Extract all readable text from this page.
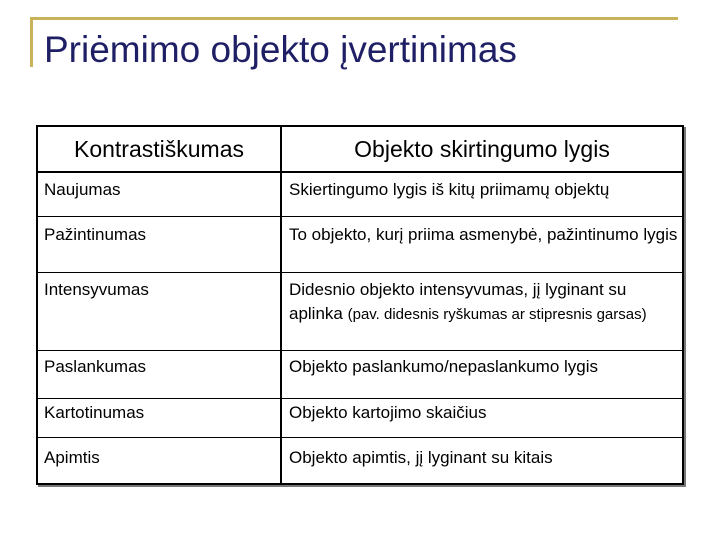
Priėmimo objekto įvertinimas
Kontrastiškumas	Objekto skirtingumo lygis
Naujumas	Skiertingumo lygis iš kitų priimamų objektų
Pažintinumas	To objekto, kurį priima asmenybė, pažintinumo lygis
Intensyvumas	Didesnio objekto intensyvumas, jį lyginant su aplinka (pav. didesnis ryškumas ar stipresnis garsas)
Paslankumas	Objekto paslankumo/nepaslankumo lygis
Kartotinumas	Objekto kartojimo skaičius
Apimtis	Objekto apimtis, jį lyginant su kitais
